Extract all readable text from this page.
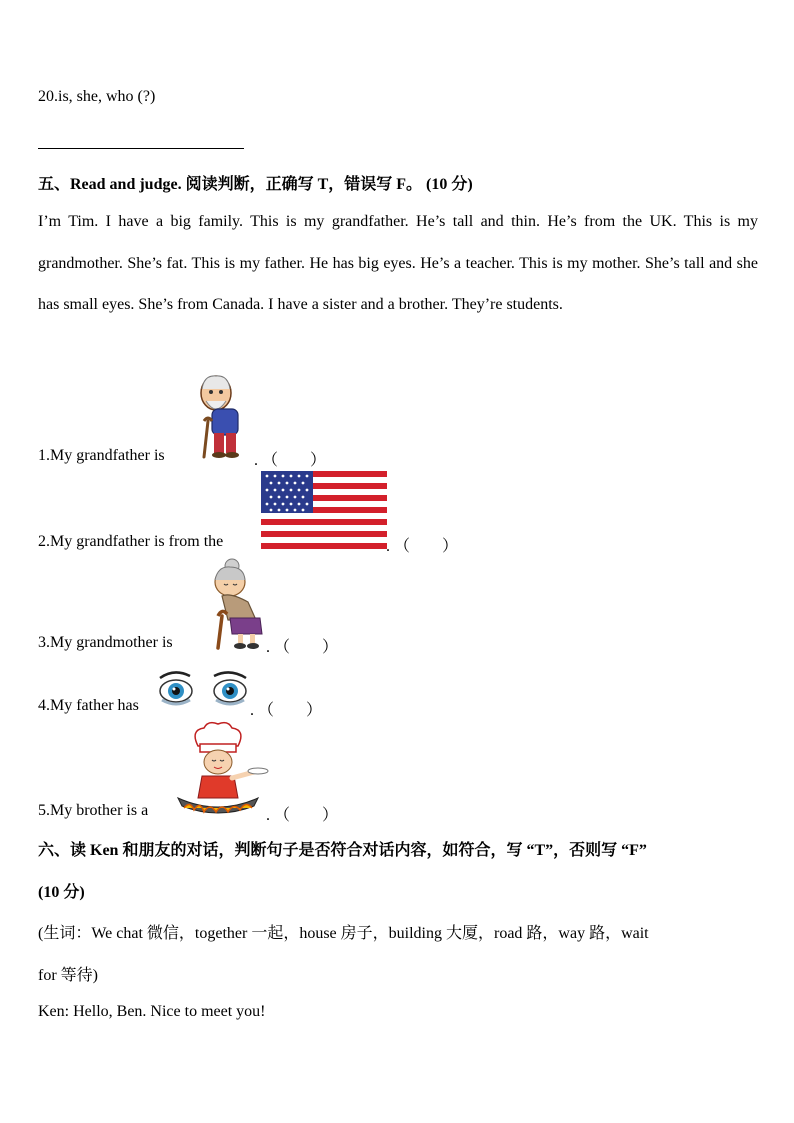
20.is, she, who (?)
五、Read and judge. 阅读判断，正确写 T，错误写 F。 (10 分)
I’m Tim. I have a big family. This is my grandfather. He’s tall and thin. He’s from the UK. This is my grandmother. She’s fat. This is my father. He has big eyes. He’s a teacher. This is my mother. She’s tall and she has small eyes. She’s from Canada. I have a sister and a brother. They’re students.
1.My grandfather is	. （        ）
2.My grandfather is from the	. （        ）
3.My grandmother is	. （        ）
4.My father has	. （        ）
5.My brother is a	. （        ）
六、读 Ken 和朋友的对话，判断句子是否符合对话内容，如符合，写 “T”，否则写 “F”
(10 分)
(生词：We chat 微信，together 一起，house 房子，building 大厦，road 路，way 路，wait
for 等待)
Ken: Hello, Ben. Nice to meet you!
